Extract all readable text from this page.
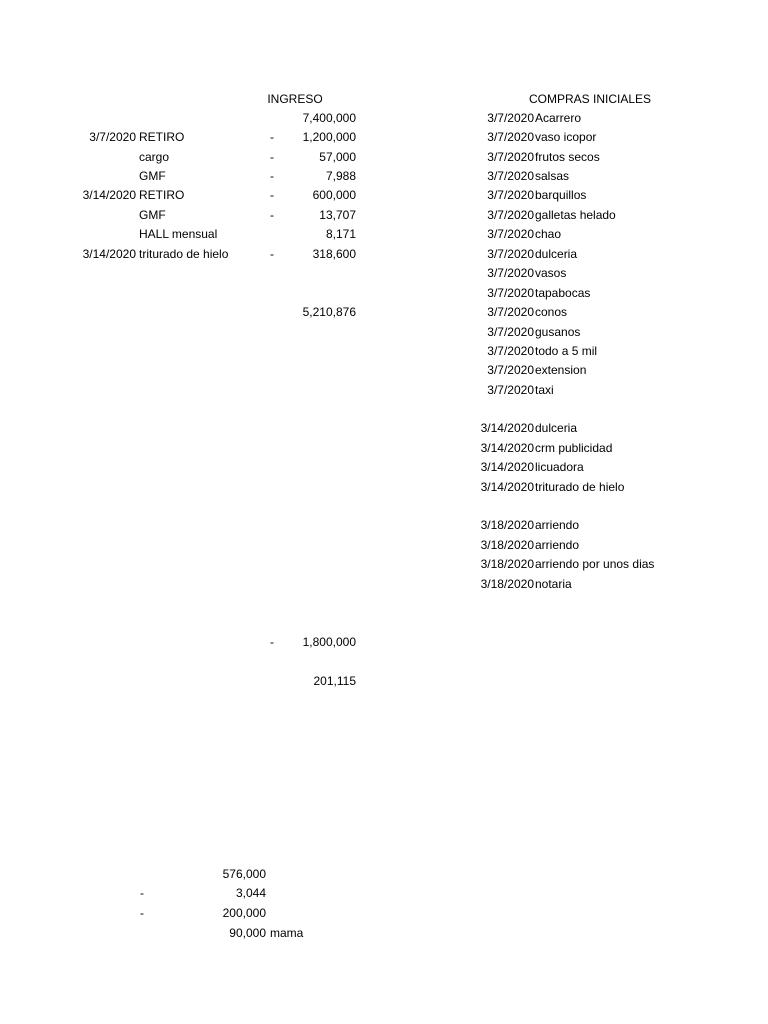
INGRESO	COMPRAS INICIALES
7,400,000
3/7/2020 RETIRO	-	1,200,000
cargo	-	57,000
GMF	-	7,988
3/14/2020 RETIRO	-	600,000
GMF	-	13,707
HALL mensual	8,171
3/14/2020 triturado de hielo	-	318,600
5,210,876
3/7/2020 Acarrero
3/7/2020 vaso icopor
3/7/2020 frutos secos
3/7/2020 salsas
3/7/2020 barquillos
3/7/2020 galletas helado
3/7/2020 chao
3/7/2020 dulceria
3/7/2020 vasos
3/7/2020 tapabocas
3/7/2020 conos
3/7/2020 gusanos
3/7/2020 todo a 5 mil
3/7/2020 extension
3/7/2020 taxi
3/14/2020 dulceria
3/14/2020 crm publicidad
3/14/2020 licuadora
3/14/2020 triturado de hielo
3/18/2020 arriendo
3/18/2020 arriendo
3/18/2020 arriendo por unos dias
3/18/2020 notaria
-	1,800,000
201,115
576,000
-	3,044
-	200,000
90,000 mama
